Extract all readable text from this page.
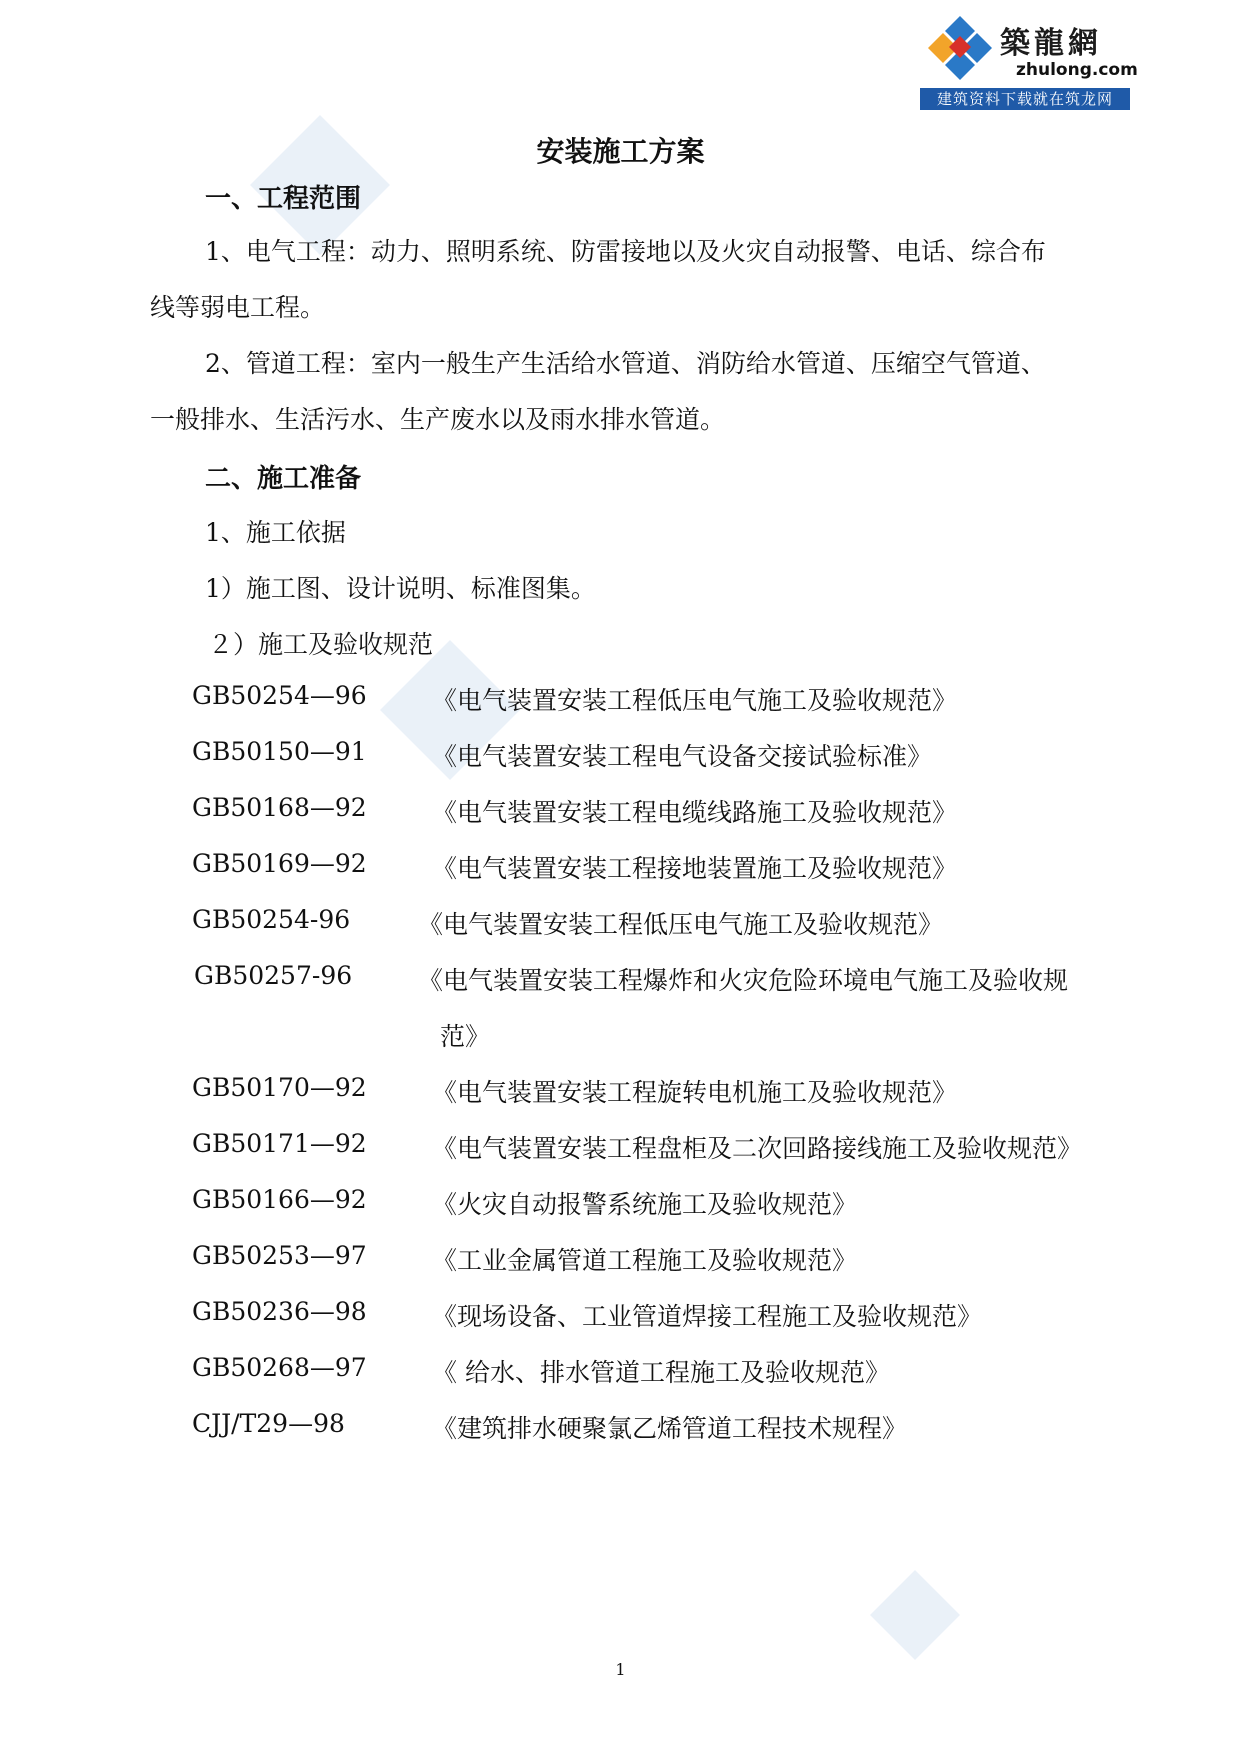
築龍網
zhulong.com
建筑资料下载就在筑龙网
安装施工方案
一、工程范围
1、电气工程：动力、照明系统、防雷接地以及火灾自动报警、电话、综合布
线等弱电工程。
2、管道工程：室内一般生产生活给水管道、消防给水管道、压缩空气管道、
一般排水、生活污水、生产废水以及雨水排水管道。
二、施工准备
1、施工依据
1）施工图、设计说明、标准图集。
２）施工及验收规范
GB50254—96	《电气装置安装工程低压电气施工及验收规范》
GB50150—91	《电气装置安装工程电气设备交接试验标准》
GB50168—92	《电气装置安装工程电缆线路施工及验收规范》
GB50169—92	《电气装置安装工程接地装置施工及验收规范》
GB50254-96	《电气装置安装工程低压电气施工及验收规范》
GB50257-96	《电气装置安装工程爆炸和火灾危险环境电气施工及验收规
范》
GB50170—92	《电气装置安装工程旋转电机施工及验收规范》
GB50171—92	《电气装置安装工程盘柜及二次回路接线施工及验收规范》
GB50166—92	《火灾自动报警系统施工及验收规范》
GB50253—97	《工业金属管道工程施工及验收规范》
GB50236—98	《现场设备、工业管道焊接工程施工及验收规范》
GB50268—97	《 给水、排水管道工程施工及验收规范》
CJJ/T29—98	《建筑排水硬聚氯乙烯管道工程技术规程》
1
